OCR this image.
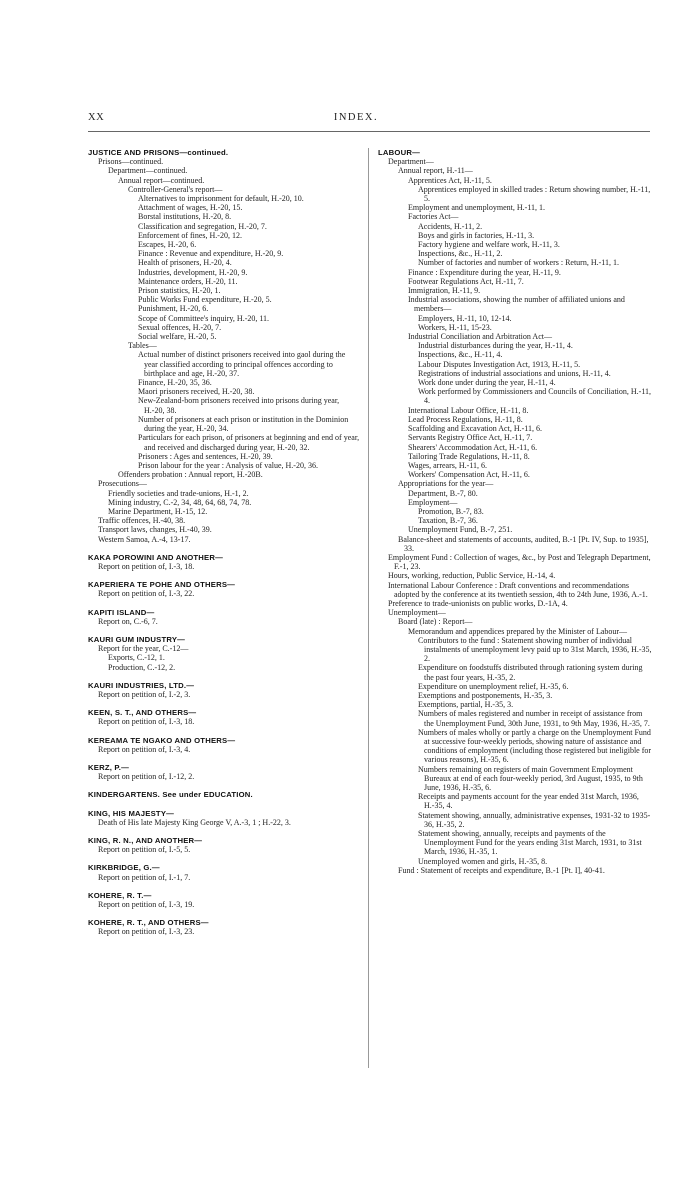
XX	INDEX.

JUSTICE AND PRISONS—continued.

Prisons—continued.

Department—continued.

Annual report—continued.

Controller-General's report—

Alternatives to imprisonment for default, H.-20, 10.

Attachment of wages, H.-20, 15.

Borstal institutions, H.-20, 8.

Classification and segregation, H.-20, 7.

Enforcement of fines, H.-20, 12.

Escapes, H.-20, 6.

Finance : Revenue and expenditure, H.-20, 9.

Health of prisoners, H.-20, 4.

Industries, development, H.-20, 9.

Maintenance orders, H.-20, 11.

Prison statistics, H.-20, 1.

Public Works Fund expenditure, H.-20, 5.

Punishment, H.-20, 6.

Scope of Committee's inquiry, H.-20, 11.

Sexual offences, H.-20, 7.

Social welfare, H.-20, 5.

Tables—

Actual number of distinct prisoners received into gaol during the year classified according to principal offences according to birthplace and age, H.-20, 37.

Finance, H.-20, 35, 36.

Maori prisoners received, H.-20, 38.

New-Zealand-born prisoners received into prisons during year, H.-20, 38.

Number of prisoners at each prison or institution in the Dominion during the year, H.-20, 34.

Particulars for each prison, of prisoners at beginning and end of year, and received and discharged during year, H.-20, 32.

Prisoners : Ages and sentences, H.-20, 39.

Prison labour for the year : Analysis of value, H.-20, 36.

Offenders probation : Annual report, H.-20B.

Prosecutions—

Friendly societies and trade-unions, H.-1, 2.

Mining industry, C.-2, 34, 48, 64, 68, 74, 78.

Marine Department, H.-15, 12.

Traffic offences, H.-40, 38.

Transport laws, changes, H.-40, 39.

Western Samoa, A.-4, 13-17.

KAKA POROWINI AND ANOTHER—

Report on petition of, I.-3, 18.

KAPERIERA TE POHE AND OTHERS—

Report on petition of, I.-3, 22.

KAPITI ISLAND—

Report on, C.-6, 7.

KAURI GUM INDUSTRY—

Report for the year, C.-12—

Exports, C.-12, 1.

Production, C.-12, 2.

KAURI INDUSTRIES, LTD.—

Report on petition of, I.-2, 3.

KEEN, S. T., AND OTHERS—

Report on petition of, I.-3, 18.

KEREAMA TE NGAKO AND OTHERS—

Report on petition of, I.-3, 4.

KERZ, P.—

Report on petition of, I.-12, 2.

KINDERGARTENS. See under EDUCATION.

KING, HIS MAJESTY—

Death of His late Majesty King George V, A.-3, 1 ; H.-22, 3.

KING, R. N., AND ANOTHER—

Report on petition of, I.-5, 5.

KIRKBRIDGE, G.—

Report on petition of, I.-1, 7.

KOHERE, R. T.—

Report on petition of, I.-3, 19.

KOHERE, R. T., AND OTHERS—

Report on petition of, I.-3, 23.

LABOUR—

Department—

Annual report, H.-11—

Apprentices Act, H.-11, 5.

Apprentices employed in skilled trades : Return showing number, H.-11, 5.

Employment and unemployment, H.-11, 1.

Factories Act—

Accidents, H.-11, 2.

Boys and girls in factories, H.-11, 3.

Factory hygiene and welfare work, H.-11, 3.

Inspections, &c., H.-11, 2.

Number of factories and number of workers : Return, H.-11, 1.

Finance : Expenditure during the year, H.-11, 9.

Footwear Regulations Act, H.-11, 7.

Immigration, H.-11, 9.

Industrial associations, showing the number of affiliated unions and members—

Employers, H.-11, 10, 12-14.

Workers, H.-11, 15-23.

Industrial Conciliation and Arbitration Act—

Industrial disturbances during the year, H.-11, 4.

Inspections, &c., H.-11, 4.

Labour Disputes Investigation Act, 1913, H.-11, 5.

Registrations of industrial associations and unions, H.-11, 4.

Work done under during the year, H.-11, 4.

Work performed by Commissioners and Councils of Conciliation, H.-11, 4.

International Labour Office, H.-11, 8.

Lead Process Regulations, H.-11, 8.

Scaffolding and Excavation Act, H.-11, 6.

Servants Registry Office Act, H.-11, 7.

Shearers' Accommodation Act, H.-11, 6.

Tailoring Trade Regulations, H.-11, 8.

Wages, arrears, H.-11, 6.

Workers' Compensation Act, H.-11, 6.

Appropriations for the year—

Department, B.-7, 80.

Employment—

Promotion, B.-7, 83.

Taxation, B.-7, 36.

Unemployment Fund, B.-7, 251.

Balance-sheet and statements of accounts, audited, B.-1 [Pt. IV, Sup. to 1935], 33.

Employment Fund : Collection of wages, &c., by Post and Telegraph Department, F.-1, 23.

Hours, working, reduction, Public Service, H.-14, 4.

International Labour Conference : Draft conventions and recommendations adopted by the conference at its twentieth session, 4th to 24th June, 1936, A.-1.

Preference to trade-unionists on public works, D.-1A, 4.

Unemployment—

Board (late) : Report—

Memorandum and appendices prepared by the Minister of Labour—

Contributors to the fund : Statement showing number of individual instalments of unemployment levy paid up to 31st March, 1936, H.-35, 2.

Expenditure on foodstuffs distributed through rationing system during the past four years, H.-35, 2.

Expenditure on unemployment relief, H.-35, 6.

Exemptions and postponements, H.-35, 3.

Exemptions, partial, H.-35, 3.

Numbers of males registered and number in receipt of assistance from the Unemployment Fund, 30th June, 1931, to 9th May, 1936, H.-35, 7.

Numbers of males wholly or partly a charge on the Unemployment Fund at successive four-weekly periods, showing nature of assistance and conditions of employment (including those registered but ineligible for various reasons), H.-35, 6.

Numbers remaining on registers of main Government Employment Bureaux at end of each four-weekly period, 3rd August, 1935, to 9th June, 1936, H.-35, 6.

Receipts and payments account for the year ended 31st March, 1936, H.-35, 4.

Statement showing, annually, administrative expenses, 1931-32 to 1935-36, H.-35, 2.

Statement showing, annually, receipts and payments of the Unemployment Fund for the years ending 31st March, 1931, to 31st March, 1936, H.-35, 1.

Unemployed women and girls, H.-35, 8.

Fund : Statement of receipts and expenditure, B.-1 [Pt. I], 40-41.
